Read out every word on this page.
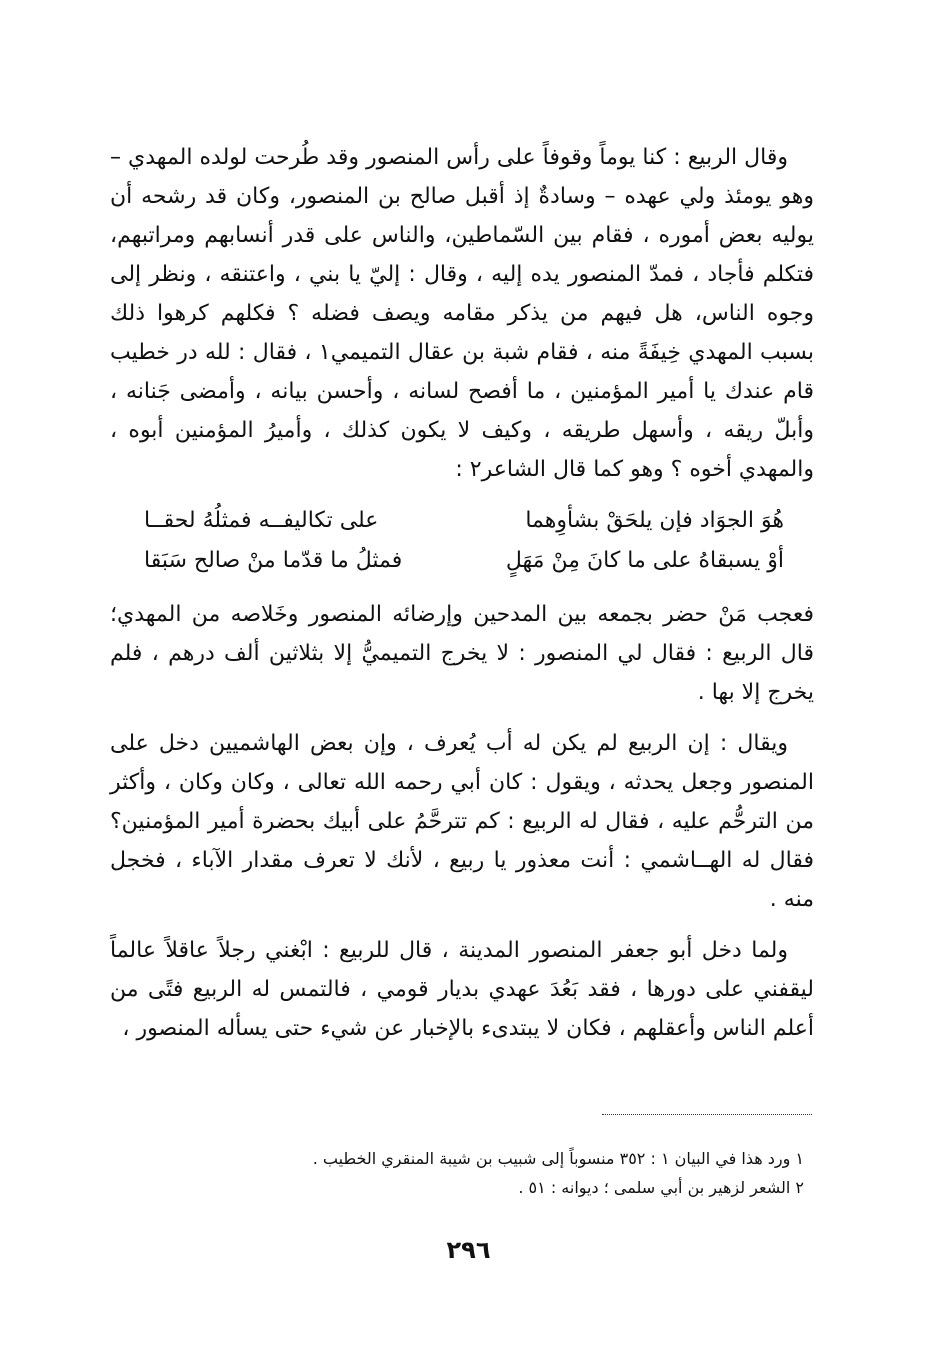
وقال الربيع : كنا يوماً وقوفاً على رأس المنصور وقد طُرحت لولده المهدي – وهو يومئذ ولي عهده – وسادةٌ إذ أقبل صالح بن المنصور، وكان قد رشحه أن يوليه بعض أموره ، فقام بين السّماطين، والناس على قدر أنسابهم ومراتبهم، فتكلم فأجاد ، فمدّ المنصور يده إليه ، وقال : إليّ يا بني ، واعتنقه ، ونظر إلى وجوه الناس، هل فيهم من يذكر مقامه ويصف فضله ؟ فكلهم كرهوا ذلك بسبب المهدي خِيفَةً منه ، فقام شبة بن عقال التميمي١ ، فقال : لله در خطيب قام عندك يا أمير المؤمنين ، ما أفصح لسانه ، وأحسن بيانه ، وأمضى جَنانه ، وأبلّ ريقه ، وأسهل طريقه ، وكيف لا يكون كذلك ، وأميرُ المؤمنين أبوه ، والمهدي أخوه ؟ وهو كما قال الشاعر٢ :

هُوَ الجوَاد فإن يلحَقْ بشأوِهما
على تكاليفــه فمثلُهُ لحقــا
أوْ يسبقاهُ على ما كانَ مِنْ مَهَلٍ
فمثلُ ما قدّما منْ صالح سَبَقا

فعجب مَنْ حضر بجمعه بين المدحين وإرضائه المنصور وخَلاصه من المهدي؛ قال الربيع : فقال لي المنصور : لا يخرج التميميُّ إلا بثلاثين ألف درهم ، فلم يخرج إلا بها .

ويقال : إن الربيع لم يكن له أب يُعرف ، وإن بعض الهاشميين دخل على المنصور وجعل يحدثه ، ويقول : كان أبي رحمه الله تعالى ، وكان وكان ، وأكثر من الترحُّم عليه ، فقال له الربيع : كم تترحَّمُ على أبيك بحضرة أمير المؤمنين؟ فقال له الهــاشمي : أنت معذور يا ربيع ، لأنك لا تعرف مقدار الآباء ، فخجل منه .

ولما دخل أبو جعفر المنصور المدينة ، قال للربيع : ابْغني رجلاً عاقلاً عالماً ليقفني على دورها ، فقد بَعُدَ عهدي بديار قومي ، فالتمس له الربيع فتًى من أعلم الناس وأعقلهم ، فكان لا يبتدىء بالإخبار عن شيء حتى يسأله المنصور ،

١ ورد هذا في البيان ١ : ٣٥٢ منسوباً إلى شبيب بن شيبة المنقري الخطيب .

٢ الشعر لزهير بن أبي سلمى ؛ ديوانه : ٥١ .

٢٩٦
